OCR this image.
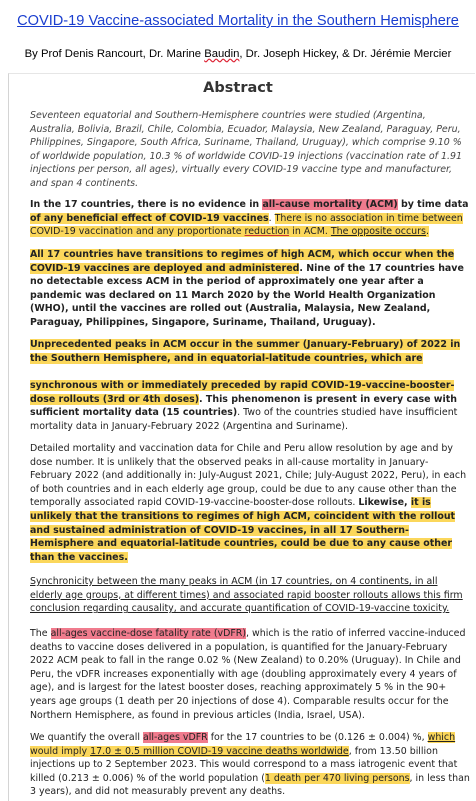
COVID-19 Vaccine-associated Mortality in the Southern Hemisphere
By Prof Denis Rancourt, Dr. Marine Baudin, Dr. Joseph Hickey, & Dr. Jérémie Mercier
Abstract
Seventeen equatorial and Southern-Hemisphere countries were studied (Argentina,
Australia, Bolivia, Brazil, Chile, Colombia, Ecuador, Malaysia, New Zealand, Paraguay, Peru,
Philippines, Singapore, South Africa, Suriname, Thailand, Uruguay), which comprise 9.10 %
of worldwide population, 10.3 % of worldwide COVID-19 injections (vaccination rate of 1.91
injections per person, all ages), virtually every COVID-19 vaccine type and manufacturer,
and span 4 continents.
In the 17 countries, there is no evidence in all-cause mortality (ACM) by time data
of any beneficial effect of COVID-19 vaccines. There is no association in time between
COVID-19 vaccination and any proportionate reduction in ACM. The opposite occurs.
All 17 countries have transitions to regimes of high ACM, which occur when the
COVID-19 vaccines are deployed and administered. Nine of the 17 countries have
no detectable excess ACM in the period of approximately one year after a
pandemic was declared on 11 March 2020 by the World Health Organization
(WHO), until the vaccines are rolled out (Australia, Malaysia, New Zealand,
Paraguay, Philippines, Singapore, Suriname, Thailand, Uruguay).
Unprecedented peaks in ACM occur in the summer (January-February) of 2022 in
the Southern Hemisphere, and in equatorial-latitude countries, which are
synchronous with or immediately preceded by rapid COVID-19-vaccine-booster-
dose rollouts (3rd or 4th doses). This phenomenon is present in every case with
sufficient mortality data (15 countries). Two of the countries studied have insufficient
mortality data in January-February 2022 (Argentina and Suriname).
Detailed mortality and vaccination data for Chile and Peru allow resolution by age and by
dose number. It is unlikely that the observed peaks in all-cause mortality in January-
February 2022 (and additionally in: July-August 2021, Chile; July-August 2022, Peru), in each
of both countries and in each elderly age group, could be due to any cause other than the
temporally associated rapid COVID-19-vaccine-booster-dose rollouts. Likewise, it is
unlikely that the transitions to regimes of high ACM, coincident with the rollout
and sustained administration of COVID-19 vaccines, in all 17 Southern-
Hemisphere and equatorial-latitude countries, could be due to any cause other
than the vaccines.
Synchronicity between the many peaks in ACM (in 17 countries, on 4 continents, in all
elderly age groups, at different times) and associated rapid booster rollouts allows this firm
conclusion regarding causality, and accurate quantification of COVID-19-vaccine toxicity.
The all-ages vaccine-dose fatality rate (vDFR), which is the ratio of inferred vaccine-induced
deaths to vaccine doses delivered in a population, is quantified for the January-February
2022 ACM peak to fall in the range 0.02 % (New Zealand) to 0.20% (Uruguay). In Chile and
Peru, the vDFR increases exponentially with age (doubling approximately every 4 years of
age), and is largest for the latest booster doses, reaching approximately 5 % in the 90+
years age groups (1 death per 20 injections of dose 4). Comparable results occur for the
Northern Hemisphere, as found in previous articles (India, Israel, USA).
We quantify the overall all-ages vDFR for the 17 countries to be (0.126 ± 0.004) %, which
would imply 17.0 ± 0.5 million COVID-19 vaccine deaths worldwide, from 13.50 billion
injections up to 2 September 2023. This would correspond to a mass iatrogenic event that
killed (0.213 ± 0.006) % of the world population (1 death per 470 living persons, in less than
3 years), and did not measurably prevent any deaths.
